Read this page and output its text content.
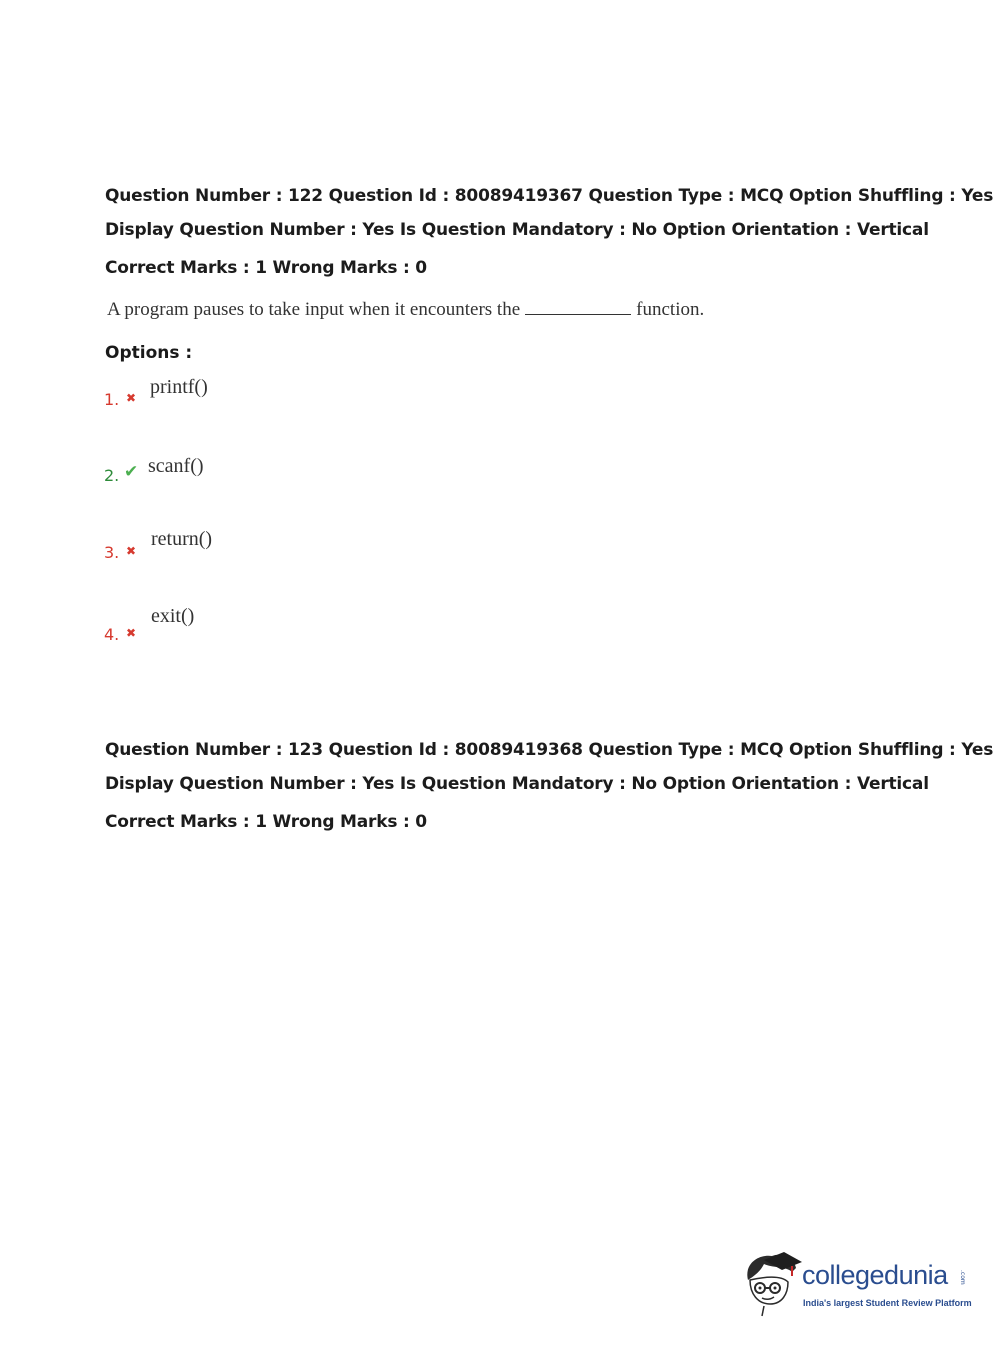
Question Number : 122 Question Id : 80089419367 Question Type : MCQ Option Shuffling : Yes
Display Question Number : Yes Is Question Mandatory : No Option Orientation : Vertical
Correct Marks : 1 Wrong Marks : 0
A program pauses to take input when it encounters the	function.
Options :
1. ✖ printf()
2. ✔ scanf()
3. ✖
return()
4. ✖
exit()
Question Number : 123 Question Id : 80089419368 Question Type : MCQ Option Shuffling : Yes
Display Question Number : Yes Is Question Mandatory : No Option Orientation : Vertical
Correct Marks : 1 Wrong Marks : 0
collegedunia .com
India's largest Student Review Platform
